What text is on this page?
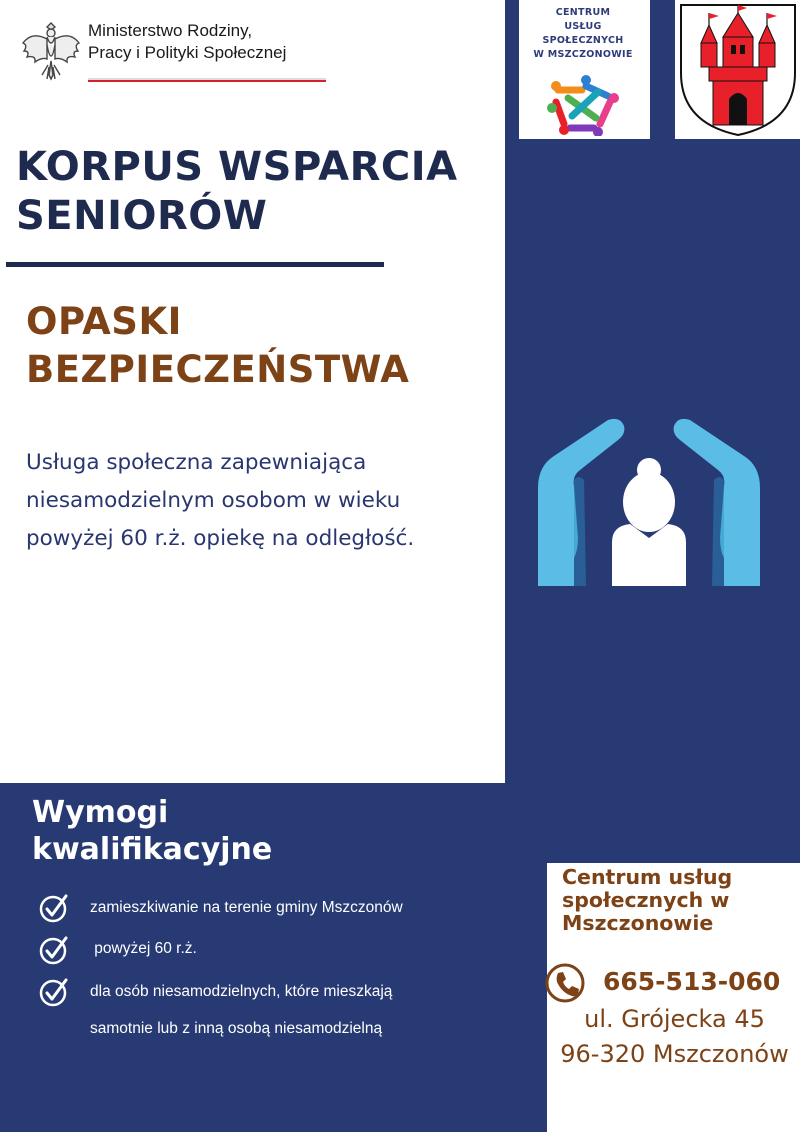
Ministerstwo Rodziny,
Pracy i Polityki Społecznej
CENTRUM
USŁUG
SPOŁECZNYCH
W MSZCZONOWIE
KORPUS WSPARCIA
SENIORÓW
OPASKI
BEZPIECZEŃSTWA
Usługa społeczna zapewniająca niesamodzielnym osobom w wieku powyżej 60 r.ż. opiekę na odległość.
Wymogi
kwalifikacyjne
zamieszkiwanie na terenie gminy Mszczonów
powyżej 60 r.ż.
dla osób niesamodzielnych, które mieszkają
samotnie lub z inną osobą niesamodzielną
Centrum usług
społecznych w
Mszczonowie
665-513-060
ul. Grójecka 45
96-320 Mszczonów
